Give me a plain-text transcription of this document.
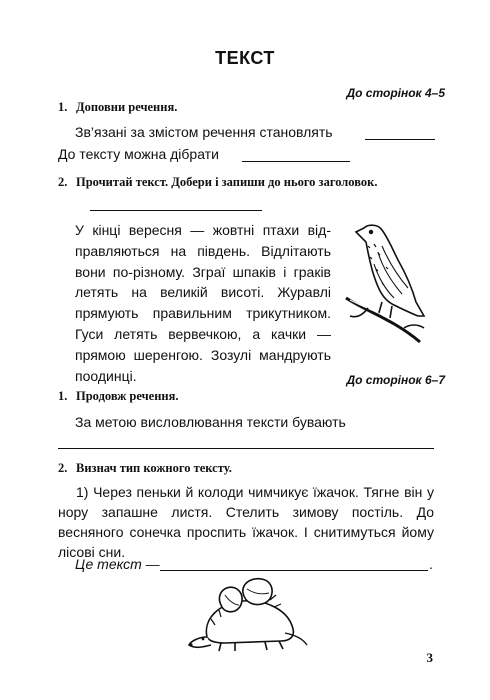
ТЕКСТ
До сторінок 4–5
1. Доповни речення.
Зв’язані за змістом речення становлять
До тексту можна дібрати
2. Прочитай текст. Добери і запиши до нього заголовок.
У кінці вересня — жовтні птахи відправляються на південь. Відлітають вони по-різному. Зграї шпаків і граків летять на великій висоті. Журавлі прямують правильним трикутником. Гуси летять вервечкою, а качки — прямою шеренгою. Зозулі мандрують поодинці.	До сторінок 6–7
1. Продовж речення.
За метою висловлювання тексти бувають
2. Визнач тип кожного тексту.
1) Через пеньки й колоди чимчикує їжачок. Тягне він у нору запашне листя. Стелить зимову постіль. До весняного сонечка проспить їжачок. І снитимуться йому лісові сни.
Це текст —	.
3
